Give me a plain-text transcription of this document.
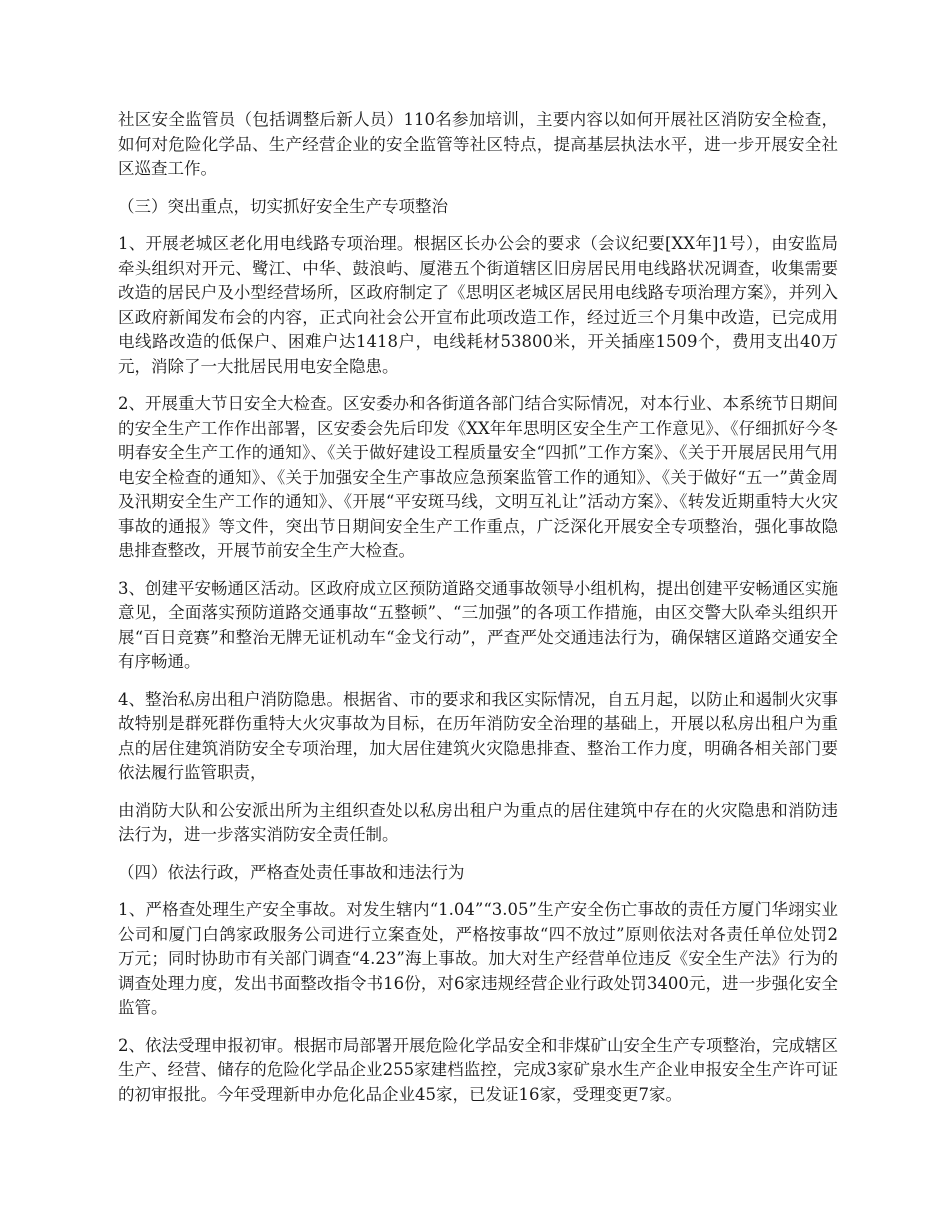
社区安全监管员（包括调整后新人员）110名参加培训，主要内容以如何开展社区消防安全检查，如何对危险化学品、生产经营企业的安全监管等社区特点，提高基层执法水平，进一步开展安全社区巡查工作。

（三）突出重点，切实抓好安全生产专项整治

1、开展老城区老化用电线路专项治理。根据区长办公会的要求（会议纪要[XX年]1号），由安监局牵头组织对开元、鹭江、中华、鼓浪屿、厦港五个街道辖区旧房居民用电线路状况调查，收集需要改造的居民户及小型经营场所，区政府制定了《思明区老城区居民用电线路专项治理方案》，并列入区政府新闻发布会的内容，正式向社会公开宣布此项改造工作，经过近三个月集中改造，已完成用电线路改造的低保户、困难户达1418户，电线耗材53800米，开关插座1509个，费用支出40万元，消除了一大批居民用电安全隐患。

2、开展重大节日安全大检查。区安委办和各街道各部门结合实际情况，对本行业、本系统节日期间的安全生产工作作出部署，区安委会先后印发《XX年年思明区安全生产工作意见》、《仔细抓好今冬明春安全生产工作的通知》、《关于做好建设工程质量安全“四抓”工作方案》、《关于开展居民用气用电安全检查的通知》、《关于加强安全生产事故应急预案监管工作的通知》、《关于做好“五一”黄金周及汛期安全生产工作的通知》、《开展“平安斑马线，文明互礼让”活动方案》、《转发近期重特大火灾事故的通报》等文件，突出节日期间安全生产工作重点，广泛深化开展安全专项整治，强化事故隐患排查整改，开展节前安全生产大检查。

3、创建平安畅通区活动。区政府成立区预防道路交通事故领导小组机构，提出创建平安畅通区实施意见，全面落实预防道路交通事故“五整顿”、“三加强”的各项工作措施，由区交警大队牵头组织开展“百日竞赛”和整治无牌无证机动车“金戈行动”，严查严处交通违法行为，确保辖区道路交通安全有序畅通。

4、整治私房出租户消防隐患。根据省、市的要求和我区实际情况，自五月起，以防止和遏制火灾事故特别是群死群伤重特大火灾事故为目标，在历年消防安全治理的基础上，开展以私房出租户为重点的居住建筑消防安全专项治理，加大居住建筑火灾隐患排查、整治工作力度，明确各相关部门要依法履行监管职责，

由消防大队和公安派出所为主组织查处以私房出租户为重点的居住建筑中存在的火灾隐患和消防违法行为，进一步落实消防安全责任制。

（四）依法行政，严格查处责任事故和违法行为

1、严格查处理生产安全事故。对发生辖内“1.04”“3.05”生产安全伤亡事故的责任方厦门华翊实业公司和厦门白鸽家政服务公司进行立案查处，严格按事故“四不放过”原则依法对各责任单位处罚2万元；同时协助市有关部门调查“4.23”海上事故。加大对生产经营单位违反《安全生产法》行为的调查处理力度，发出书面整改指令书16份，对6家违规经营企业行政处罚3400元，进一步强化安全监管。

2、依法受理申报初审。根据市局部署开展危险化学品安全和非煤矿山安全生产专项整治，完成辖区生产、经营、储存的危险化学品企业255家建档监控，完成3家矿泉水生产企业申报安全生产许可证的初审报批。今年受理新申办危化品企业45家，已发证16家，受理变更7家。
